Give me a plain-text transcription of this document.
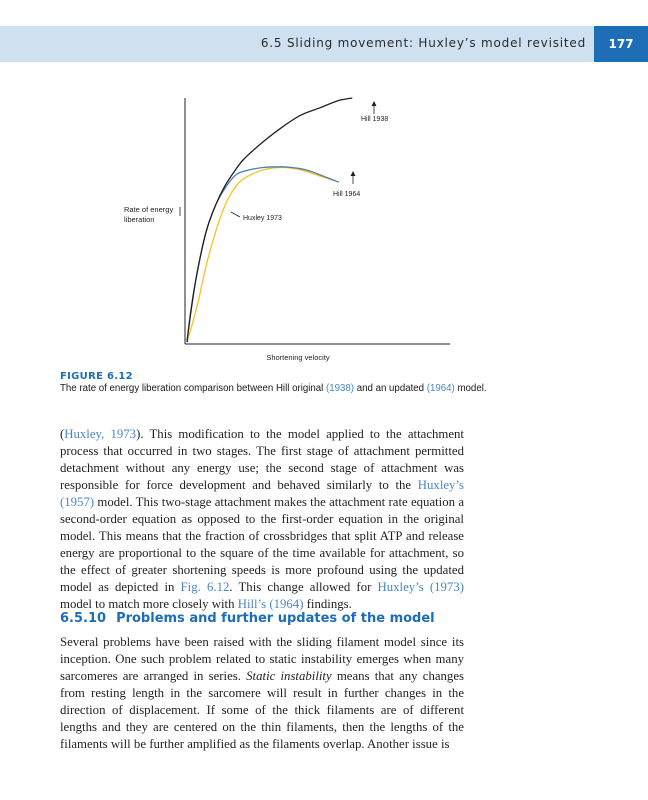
6.5 Sliding movement: Huxley’s model revisited	177
Rate of energy
liberation
Shortening velocity
Hill 1938
Hill 1964
Huxley 1973
FIGURE 6.12
The rate of energy liberation comparison between Hill original (1938) and an updated (1964) model.

(Huxley, 1973). This modification to the model applied to the attachment process that occurred in two stages. The first stage of attachment permitted detachment without any energy use; the second stage of attachment was responsible for force development and behaved similarly to the Huxley’s (1957) model. This two-stage attachment makes the attachment rate equation a second-order equation as opposed to the first-order equation in the original model. This means that the fraction of crossbridges that split ATP and release energy are proportional to the square of the time available for attachment, so the effect of greater shortening speeds is more profound using the updated model as depicted in Fig. 6.12. This change allowed for Huxley’s (1973) model to match more closely with Hill’s (1964) findings.

6.5.10 Problems and further updates of the model

Several problems have been raised with the sliding filament model since its inception. One such problem related to static instability emerges when many sarcomeres are arranged in series. Static instability means that any changes from resting length in the sarcomere will result in further changes in the direction of displacement. If some of the thick filaments are of different lengths and they are centered on the thin filaments, then the lengths of the filaments will be further amplified as the filaments overlap. Another issue is
